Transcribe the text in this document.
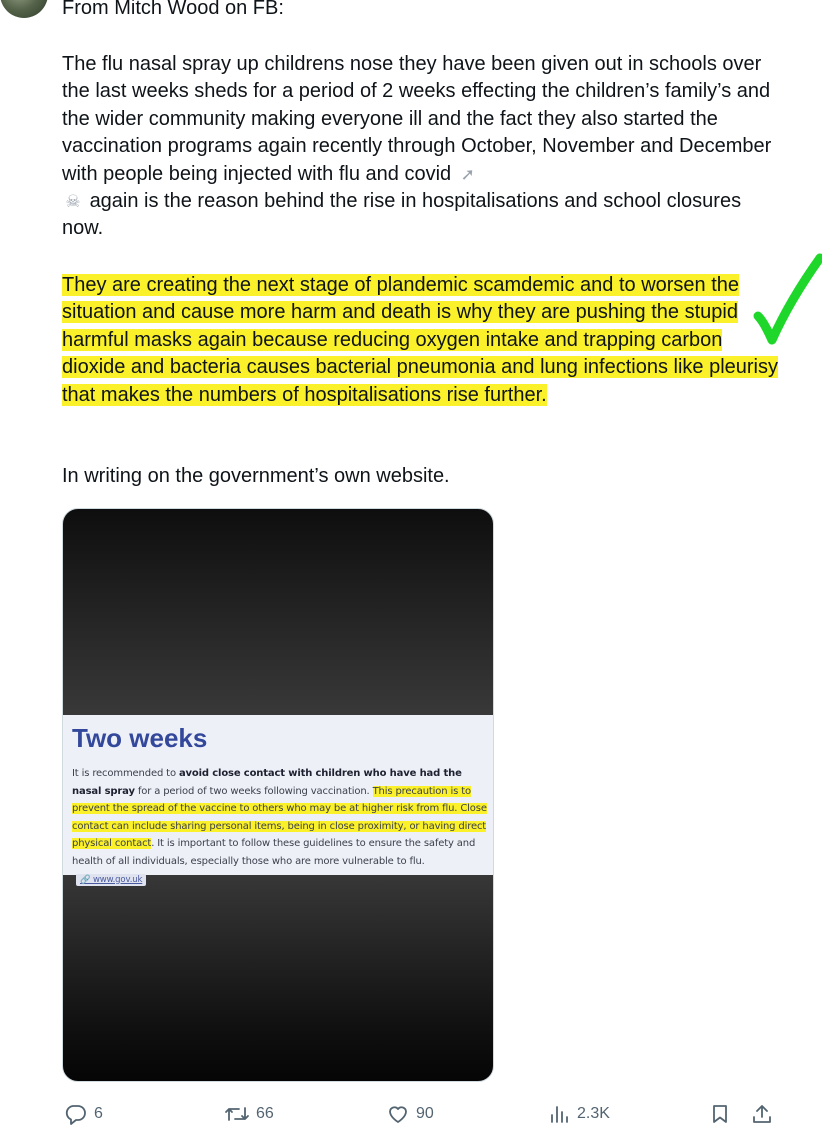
From Mitch Wood on FB:

The flu nasal spray up childrens nose they have been given out in schools over the last weeks sheds for a period of 2 weeks effecting the children’s family’s and the wider community making everyone ill and the fact they also started the vaccination programs again recently through October, November and December with people being injected with flu and covid ➚
☠ again is the reason behind the rise in hospitalisations and school closures now.

They are creating the next stage of plandemic scamdemic and to worsen the situation and cause more harm and death is why they are pushing the stupid harmful masks again because reducing oxygen intake and trapping carbon dioxide and bacteria causes bacterial pneumonia and lung infections like pleurisy that makes the numbers of hospitalisations rise further.

In writing on the government’s own website.

Two weeks

It is recommended to avoid close contact with children who have had the nasal spray for a period of two weeks following vaccination. This precaution is to prevent the spread of the vaccine to others who may be at higher risk from flu. Close contact can include sharing personal items, being in close proximity, or having direct physical contact. It is important to follow these guidelines to ensure the safety and health of all individuals, especially those who are more vulnerable to flu.🔗 www.gov.uk

6	66	90	2.3K
